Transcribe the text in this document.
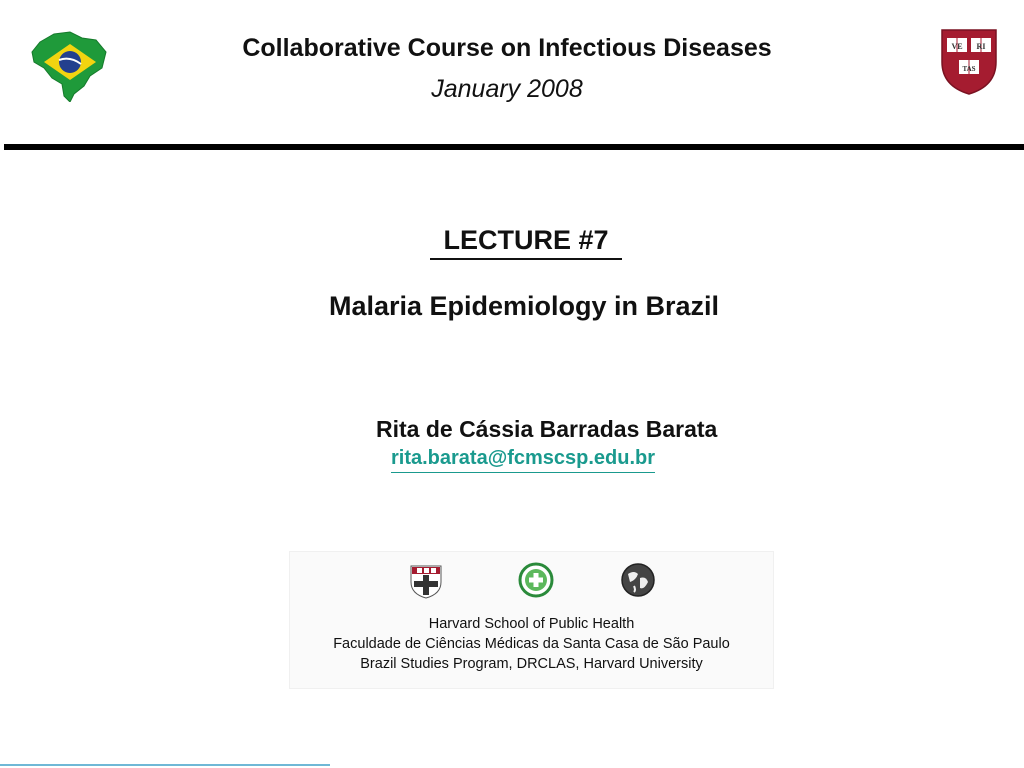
Collaborative Course on Infectious Diseases
January 2008
VE RI
TAS
LECTURE #7
Malaria Epidemiology in Brazil
Rita de Cássia Barradas Barata
rita.barata@fcmscsp.edu.br
Harvard School of Public Health
Faculdade de Ciências Médicas da Santa Casa de São Paulo
Brazil Studies Program, DRCLAS, Harvard University
